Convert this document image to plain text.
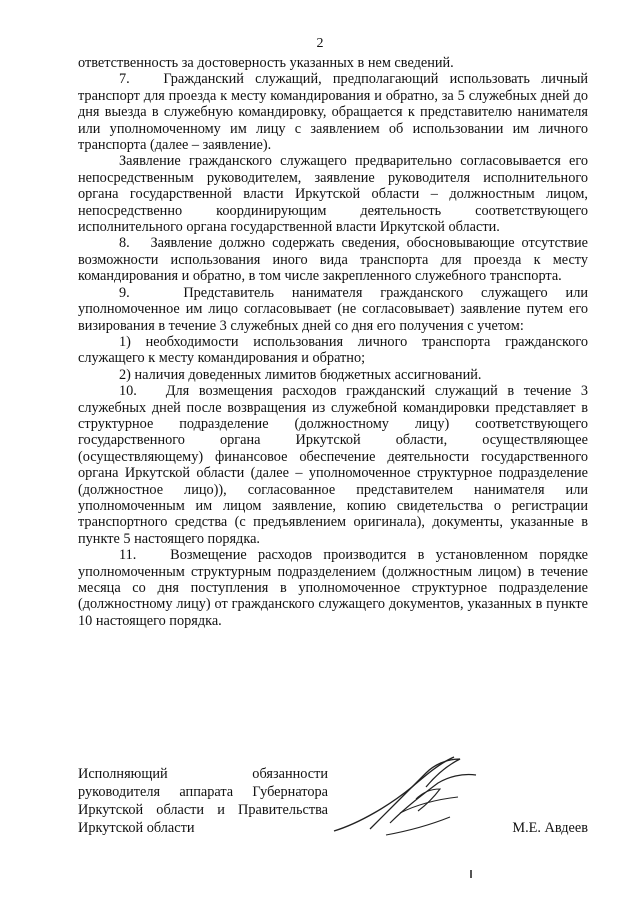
2

ответственность за достоверность указанных в нем сведений.

7.   Гражданский служащий, предполагающий использовать личный транспорт для проезда к месту командирования и обратно, за 5 служебных дней до дня выезда в служебную командировку, обращается к представителю нанимателя или уполномоченному им лицу с заявлением об использовании им личного транспорта (далее – заявление).

Заявление гражданского служащего предварительно согласовывается его непосредственным руководителем, заявление руководителя исполнительного органа государственной власти Иркутской области – должностным лицом, непосредственно координирующим деятельность соответствующего исполнительного органа государственной власти Иркутской области.

8.   Заявление должно содержать сведения, обосновывающие отсутствие возможности использования иного вида транспорта для проезда к месту командирования и обратно, в том числе закрепленного служебного транспорта.

9.   Представитель нанимателя гражданского служащего или уполномоченное им лицо согласовывает (не согласовывает) заявление путем его визирования в течение 3 служебных дней со дня его получения с учетом:

1) необходимости использования личного транспорта гражданского служащего к месту командирования и обратно;

2) наличия доведенных лимитов бюджетных ассигнований.

10.   Для возмещения расходов гражданский служащий в течение 3 служебных дней после возвращения из служебной командировки представляет в структурное подразделение (должностному лицу) соответствующего государственного органа Иркутской области, осуществляющее (осуществляющему) финансовое обеспечение деятельности государственного органа Иркутской области (далее – уполномоченное структурное подразделение (должностное лицо)), согласованное представителем нанимателя или уполномоченным им лицом заявление, копию свидетельства о регистрации транспортного средства (с предъявлением оригинала), документы, указанные в пункте 5 настоящего порядка.

11.   Возмещение расходов производится в установленном порядке уполномоченным структурным подразделением (должностным лицом) в течение месяца со дня поступления в уполномоченное структурное подразделение (должностному лицу) от гражданского служащего документов, указанных в пункте 10 настоящего порядка.

Исполняющий обязанности
руководителя аппарата Губернатора
Иркутской области и Правительства
Иркутской области	М.Е. Авдеев
